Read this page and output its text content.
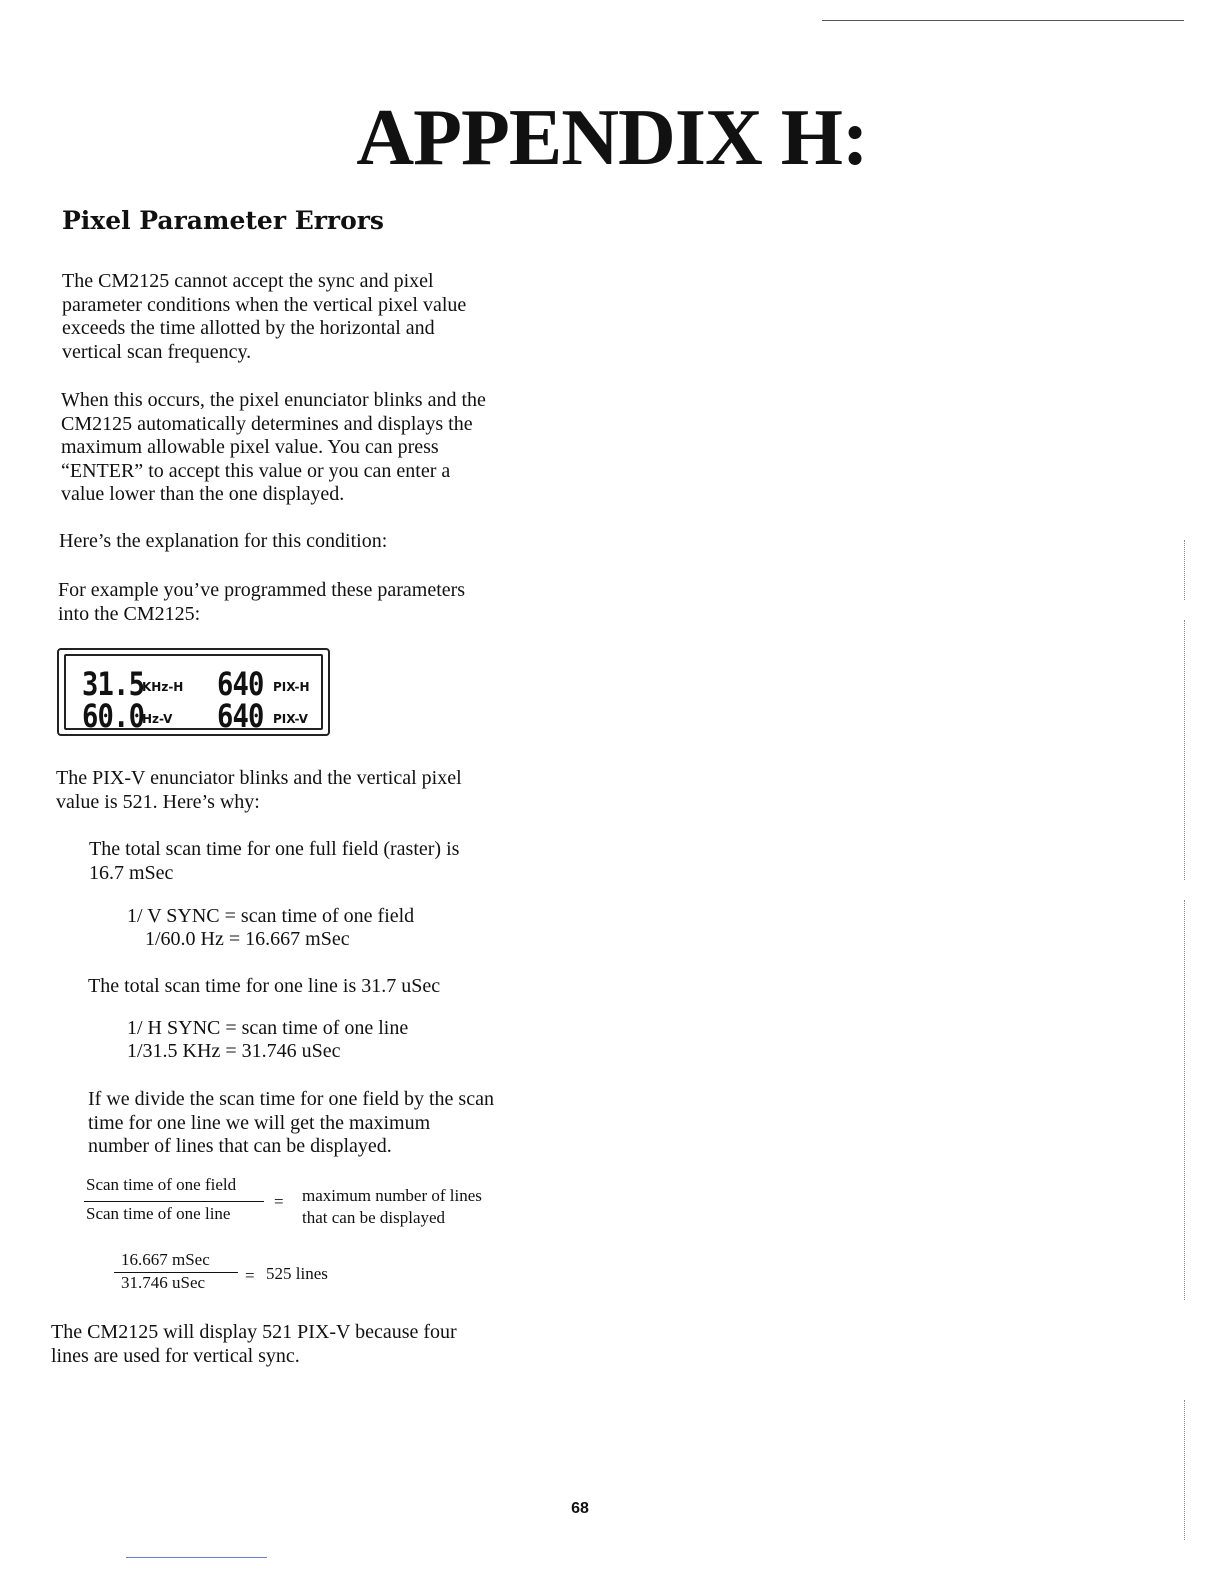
APPENDIX H:
Pixel Parameter Errors

The CM2125 cannot accept the sync and pixel
parameter conditions when the vertical pixel value
exceeds the time allotted by the horizontal and
vertical scan frequency.

When this occurs, the pixel enunciator blinks and the
CM2125 automatically determines and displays the
maximum allowable pixel value. You can press
“ENTER” to accept this value or you can enter a
value lower than the one displayed.

Here’s the explanation for this condition:

For example you’ve programmed these parameters
into the CM2125:

31.5
KHz-H 640 PIX-H
60.0
Hz-V 640 PIX-V

The PIX-V enunciator blinks and the vertical pixel
value is 521. Here’s why:

The total scan time for one full field (raster) is
16.7 mSec

1/ V SYNC = scan time of one field

1/60.0 Hz = 16.667 mSec

The total scan time for one line is 31.7 uSec

1/ H SYNC = scan time of one line

1/31.5 KHz = 31.746 uSec

If we divide the scan time for one field by the scan
time for one line we will get the maximum
number of lines that can be displayed.

Scan time of one field
Scan time of one line
= maximum number of lines
that can be displayed
16.667 mSec
31.746 uSec = 525 lines

The CM2125 will display 521 PIX-V because four
lines are used for vertical sync.

68
